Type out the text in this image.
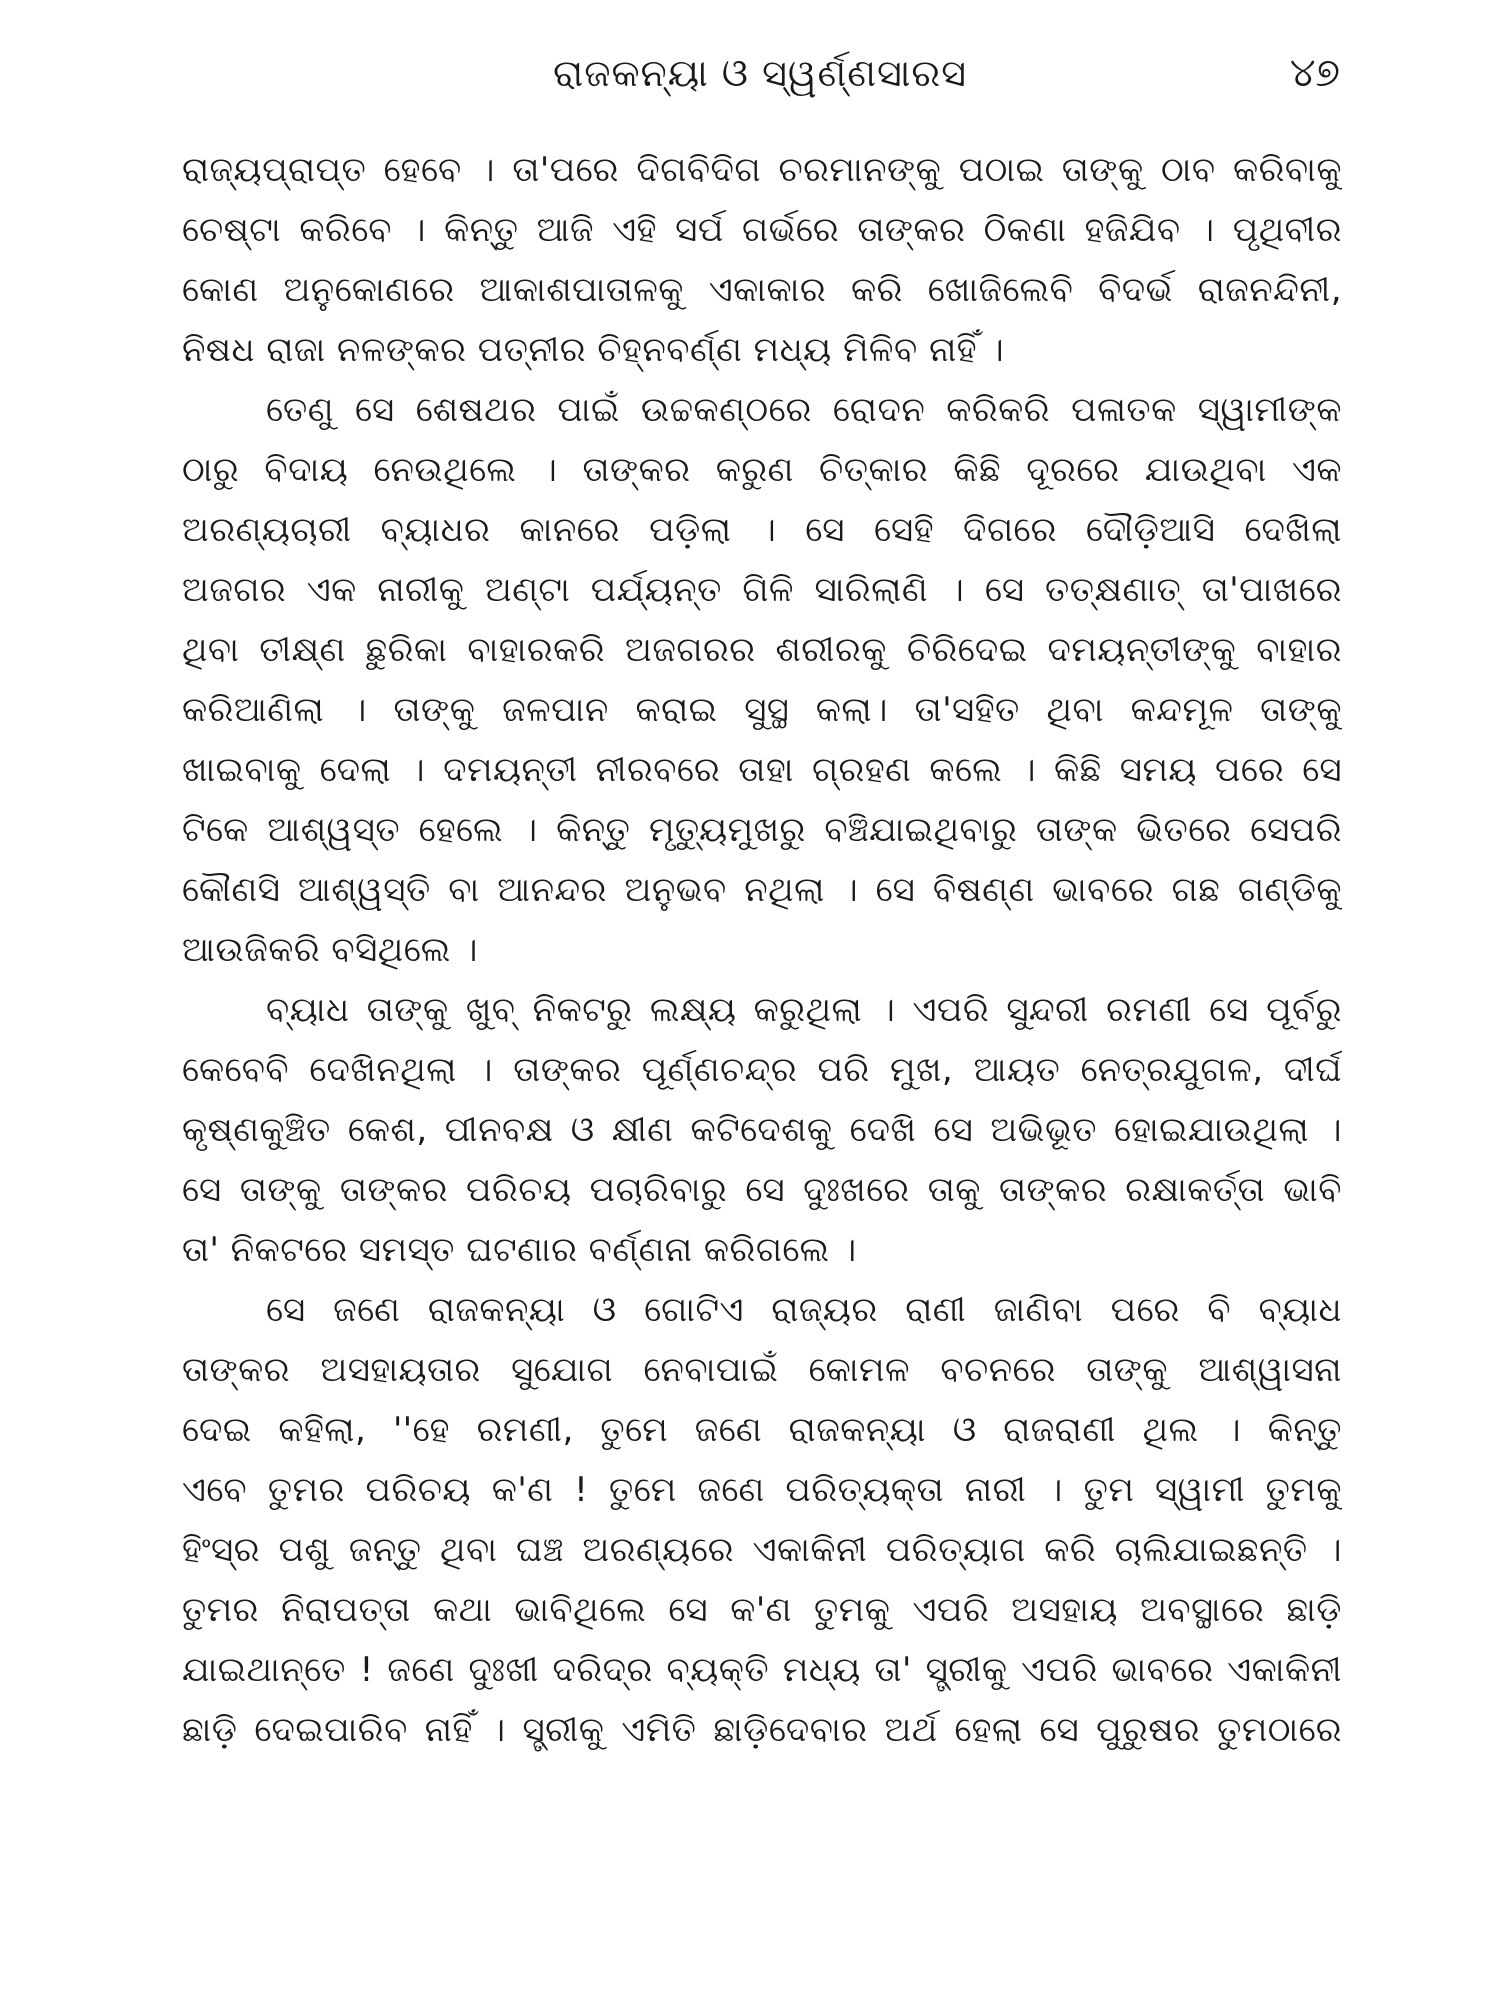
ରାଜକନ୍ୟା ଓ ସ୍ୱର୍ଣ୍ଣସାରସ	୪୭
ରାଜ୍ୟପ୍ରାପ୍ତ ହେବେ । ତା'ପରେ ଦିଗବିଦିଗ ଚରମାନଙ୍କୁ ପଠାଇ ତାଙ୍କୁ ଠାବ କରିବାକୁ
ଚେଷ୍ଟା କରିବେ । କିନ୍ତୁ ଆଜି ଏହି ସର୍ପ ଗର୍ଭରେ ତାଙ୍କର ଠିକଣା ହଜିଯିବ । ପୃଥିବୀର
କୋଣ ଅନୁକୋଣରେ ଆକାଶପାତାଳକୁ ଏକାକାର କରି ଖୋଜିଲେବି ବିଦର୍ଭ ରାଜନନ୍ଦିନୀ,
ନିଷଧ ରାଜା ନଳଙ୍କର ପତ୍ନୀର ଚିହ୍ନବର୍ଣ୍ଣ ମଧ୍ୟ ମିଳିବ ନାହିଁ ।
ତେଣୁ ସେ ଶେଷଥର ପାଇଁ ଉଚ୍ଚକଣ୍ଠରେ ରୋଦନ କରିକରି ପଳାତକ ସ୍ୱାମୀଙ୍କ
ଠାରୁ ବିଦାୟ ନେଉଥିଲେ । ତାଙ୍କର କରୁଣ ଚିତ୍କାର କିଛି ଦୂରରେ ଯାଉଥିବା ଏକ
ଅରଣ୍ୟଚାରୀ ବ୍ୟାଧର କାନରେ ପଡ଼ିଲା । ସେ ସେହି ଦିଗରେ ଦୌଡ଼ିଆସି ଦେଖିଲା
ଅଜଗର ଏକ ନାରୀକୁ ଅଣ୍ଟା ପର୍ଯ୍ୟନ୍ତ ଗିଳି ସାରିଲାଣି । ସେ ତତ୍କ୍ଷଣାତ୍ ତା'ପାଖରେ
ଥିବା ତୀକ୍ଷ୍ଣ ଛୁରିକା ବାହାରକରି ଅଜଗରର ଶରୀରକୁ ଚିରିଦେଇ ଦମୟନ୍ତୀଙ୍କୁ ବାହାର
କରିଆଣିଲା । ତାଙ୍କୁ ଜଳପାନ କରାଇ ସୁସ୍ଥ କଲା। ତା'ସହିତ ଥିବା କନ୍ଦମୂଳ ତାଙ୍କୁ
ଖାଇବାକୁ ଦେଲା । ଦମୟନ୍ତୀ ନୀରବରେ ତାହା ଗ୍ରହଣ କଲେ । କିଛି ସମୟ ପରେ ସେ
ଟିକେ ଆଶ୍ୱସ୍ତ ହେଲେ । କିନ୍ତୁ ମୃତ୍ୟୁମୁଖରୁ ବଞ୍ଚିଯାଇଥିବାରୁ ତାଙ୍କ ଭିତରେ ସେପରି
କୌଣସି ଆଶ୍ୱସ୍ତି ବା ଆନନ୍ଦର ଅନୁଭବ ନଥିଲା । ସେ ବିଷଣ୍ଣ ଭାବରେ ଗଛ ଗଣ୍ଡିକୁ
ଆଉଜିକରି ବସିଥିଲେ ।
ବ୍ୟାଧ ତାଙ୍କୁ ଖୁବ୍ ନିକଟରୁ ଲକ୍ଷ୍ୟ କରୁଥିଲା । ଏପରି ସୁନ୍ଦରୀ ରମଣୀ ସେ ପୂର୍ବରୁ
କେବେବି ଦେଖିନଥିଲା । ତାଙ୍କର ପୂର୍ଣ୍ଣଚନ୍ଦ୍ର ପରି ମୁଖ, ଆୟତ ନେତ୍ରଯୁଗଳ, ଦୀର୍ଘ
କୃଷ୍ଣକୁଞ୍ଚିତ କେଶ, ପୀନବକ୍ଷ ଓ କ୍ଷୀଣ କଟିଦେଶକୁ ଦେଖି ସେ ଅଭିଭୂତ ହୋଇଯାଉଥିଲା ।
ସେ ତାଙ୍କୁ ତାଙ୍କର ପରିଚୟ ପଚାରିବାରୁ ସେ ଦୁଃଖରେ ତାକୁ ତାଙ୍କର ରକ୍ଷାକର୍ତ୍ତା ଭାବି
ତା' ନିକଟରେ ସମସ୍ତ ଘଟଣାର ବର୍ଣ୍ଣନା କରିଗଲେ ।
ସେ ଜଣେ ରାଜକନ୍ୟା ଓ ଗୋଟିଏ ରାଜ୍ୟର ରାଣୀ ଜାଣିବା ପରେ ବି ବ୍ୟାଧ
ତାଙ୍କର ଅସହାୟତାର ସୁଯୋଗ ନେବାପାଇଁ କୋମଳ ବଚନରେ ତାଙ୍କୁ ଆଶ୍ୱାସନା
ଦେଇ କହିଲା, ''ହେ ରମଣୀ, ତୁମେ ଜଣେ ରାଜକନ୍ୟା ଓ ରାଜରାଣୀ ଥିଲ । କିନ୍ତୁ
ଏବେ ତୁମର ପରିଚୟ କ'ଣ ! ତୁମେ ଜଣେ ପରିତ୍ୟକ୍ତା ନାରୀ । ତୁମ ସ୍ୱାମୀ ତୁମକୁ
ହିଂସ୍ର ପଶୁ ଜନ୍ତୁ ଥିବା ଘଞ୍ଚ ଅରଣ୍ୟରେ ଏକାକିନୀ ପରିତ୍ୟାଗ କରି ଚାଲିଯାଇଛନ୍ତି ।
ତୁମର ନିରାପତ୍ତା କଥା ଭାବିଥିଲେ ସେ କ'ଣ ତୁମକୁ ଏପରି ଅସହାୟ ଅବସ୍ଥାରେ ଛାଡ଼ି
ଯାଇଥାନ୍ତେ ! ଜଣେ ଦୁଃଖୀ ଦରିଦ୍ର ବ୍ୟକ୍ତି ମଧ୍ୟ ତା' ସ୍ତ୍ରୀକୁ ଏପରି ଭାବରେ ଏକାକିନୀ
ଛାଡ଼ି ଦେଇପାରିବ ନାହିଁ । ସ୍ତ୍ରୀକୁ ଏମିତି ଛାଡ଼ିଦେବାର ଅର୍ଥ ହେଲା ସେ ପୁରୁଷର ତୁମଠାରେ
